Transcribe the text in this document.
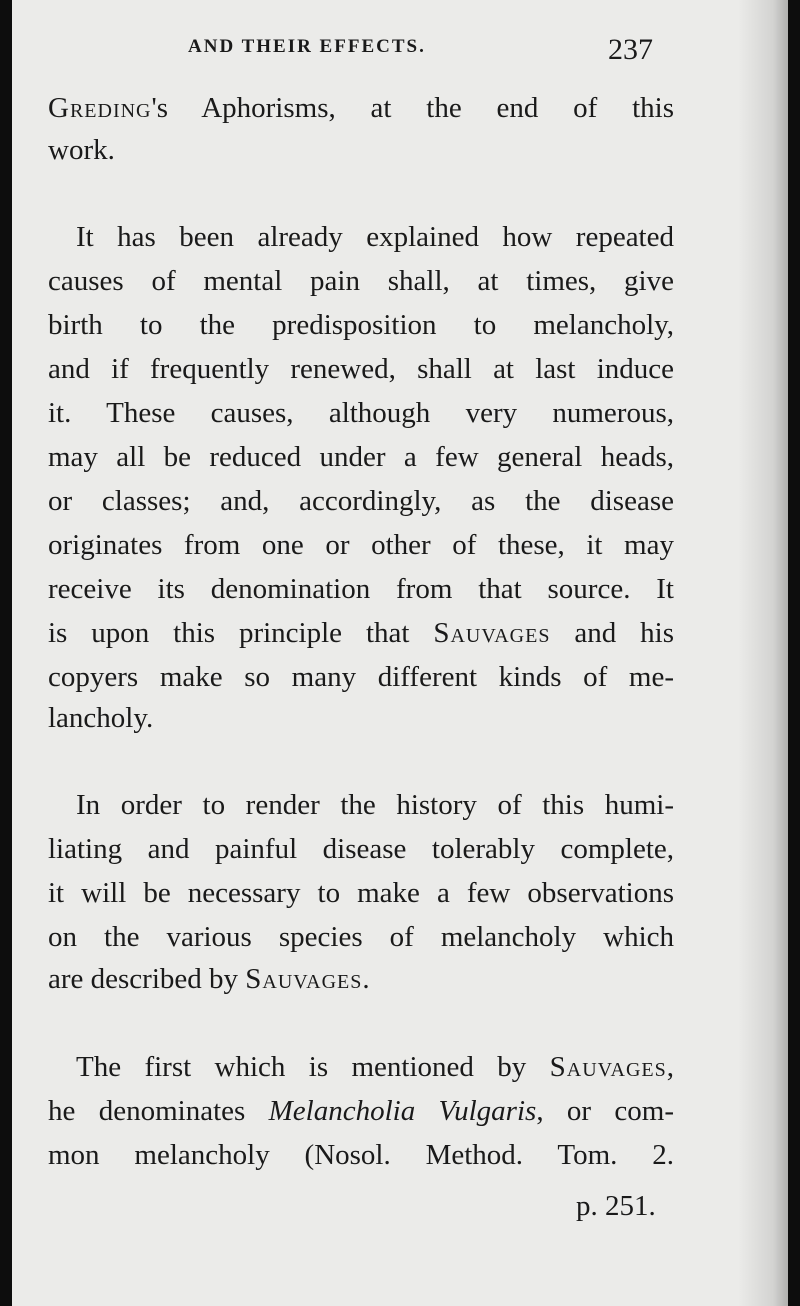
AND THEIR EFFECTS.	237
Greding's Aphorisms, at the end of this
work.
It has been already explained how repeated
causes of mental pain shall, at times, give
birth to the predisposition to melancholy,
and if frequently renewed, shall at last induce
it. These causes, although very numerous,
may all be reduced under a few general heads,
or classes; and, accordingly, as the disease
originates from one or other of these, it may
receive its denomination from that source. It
is upon this principle that Sauvages and his
copyers make so many different kinds of me-
lancholy.
In order to render the history of this humi-
liating and painful disease tolerably complete,
it will be necessary to make a few observations
on the various species of melancholy which
are described by Sauvages.
The first which is mentioned by Sauvages,
he denominates Melancholia Vulgaris, or com-
mon melancholy (Nosol. Method. Tom. 2.
p. 251.
